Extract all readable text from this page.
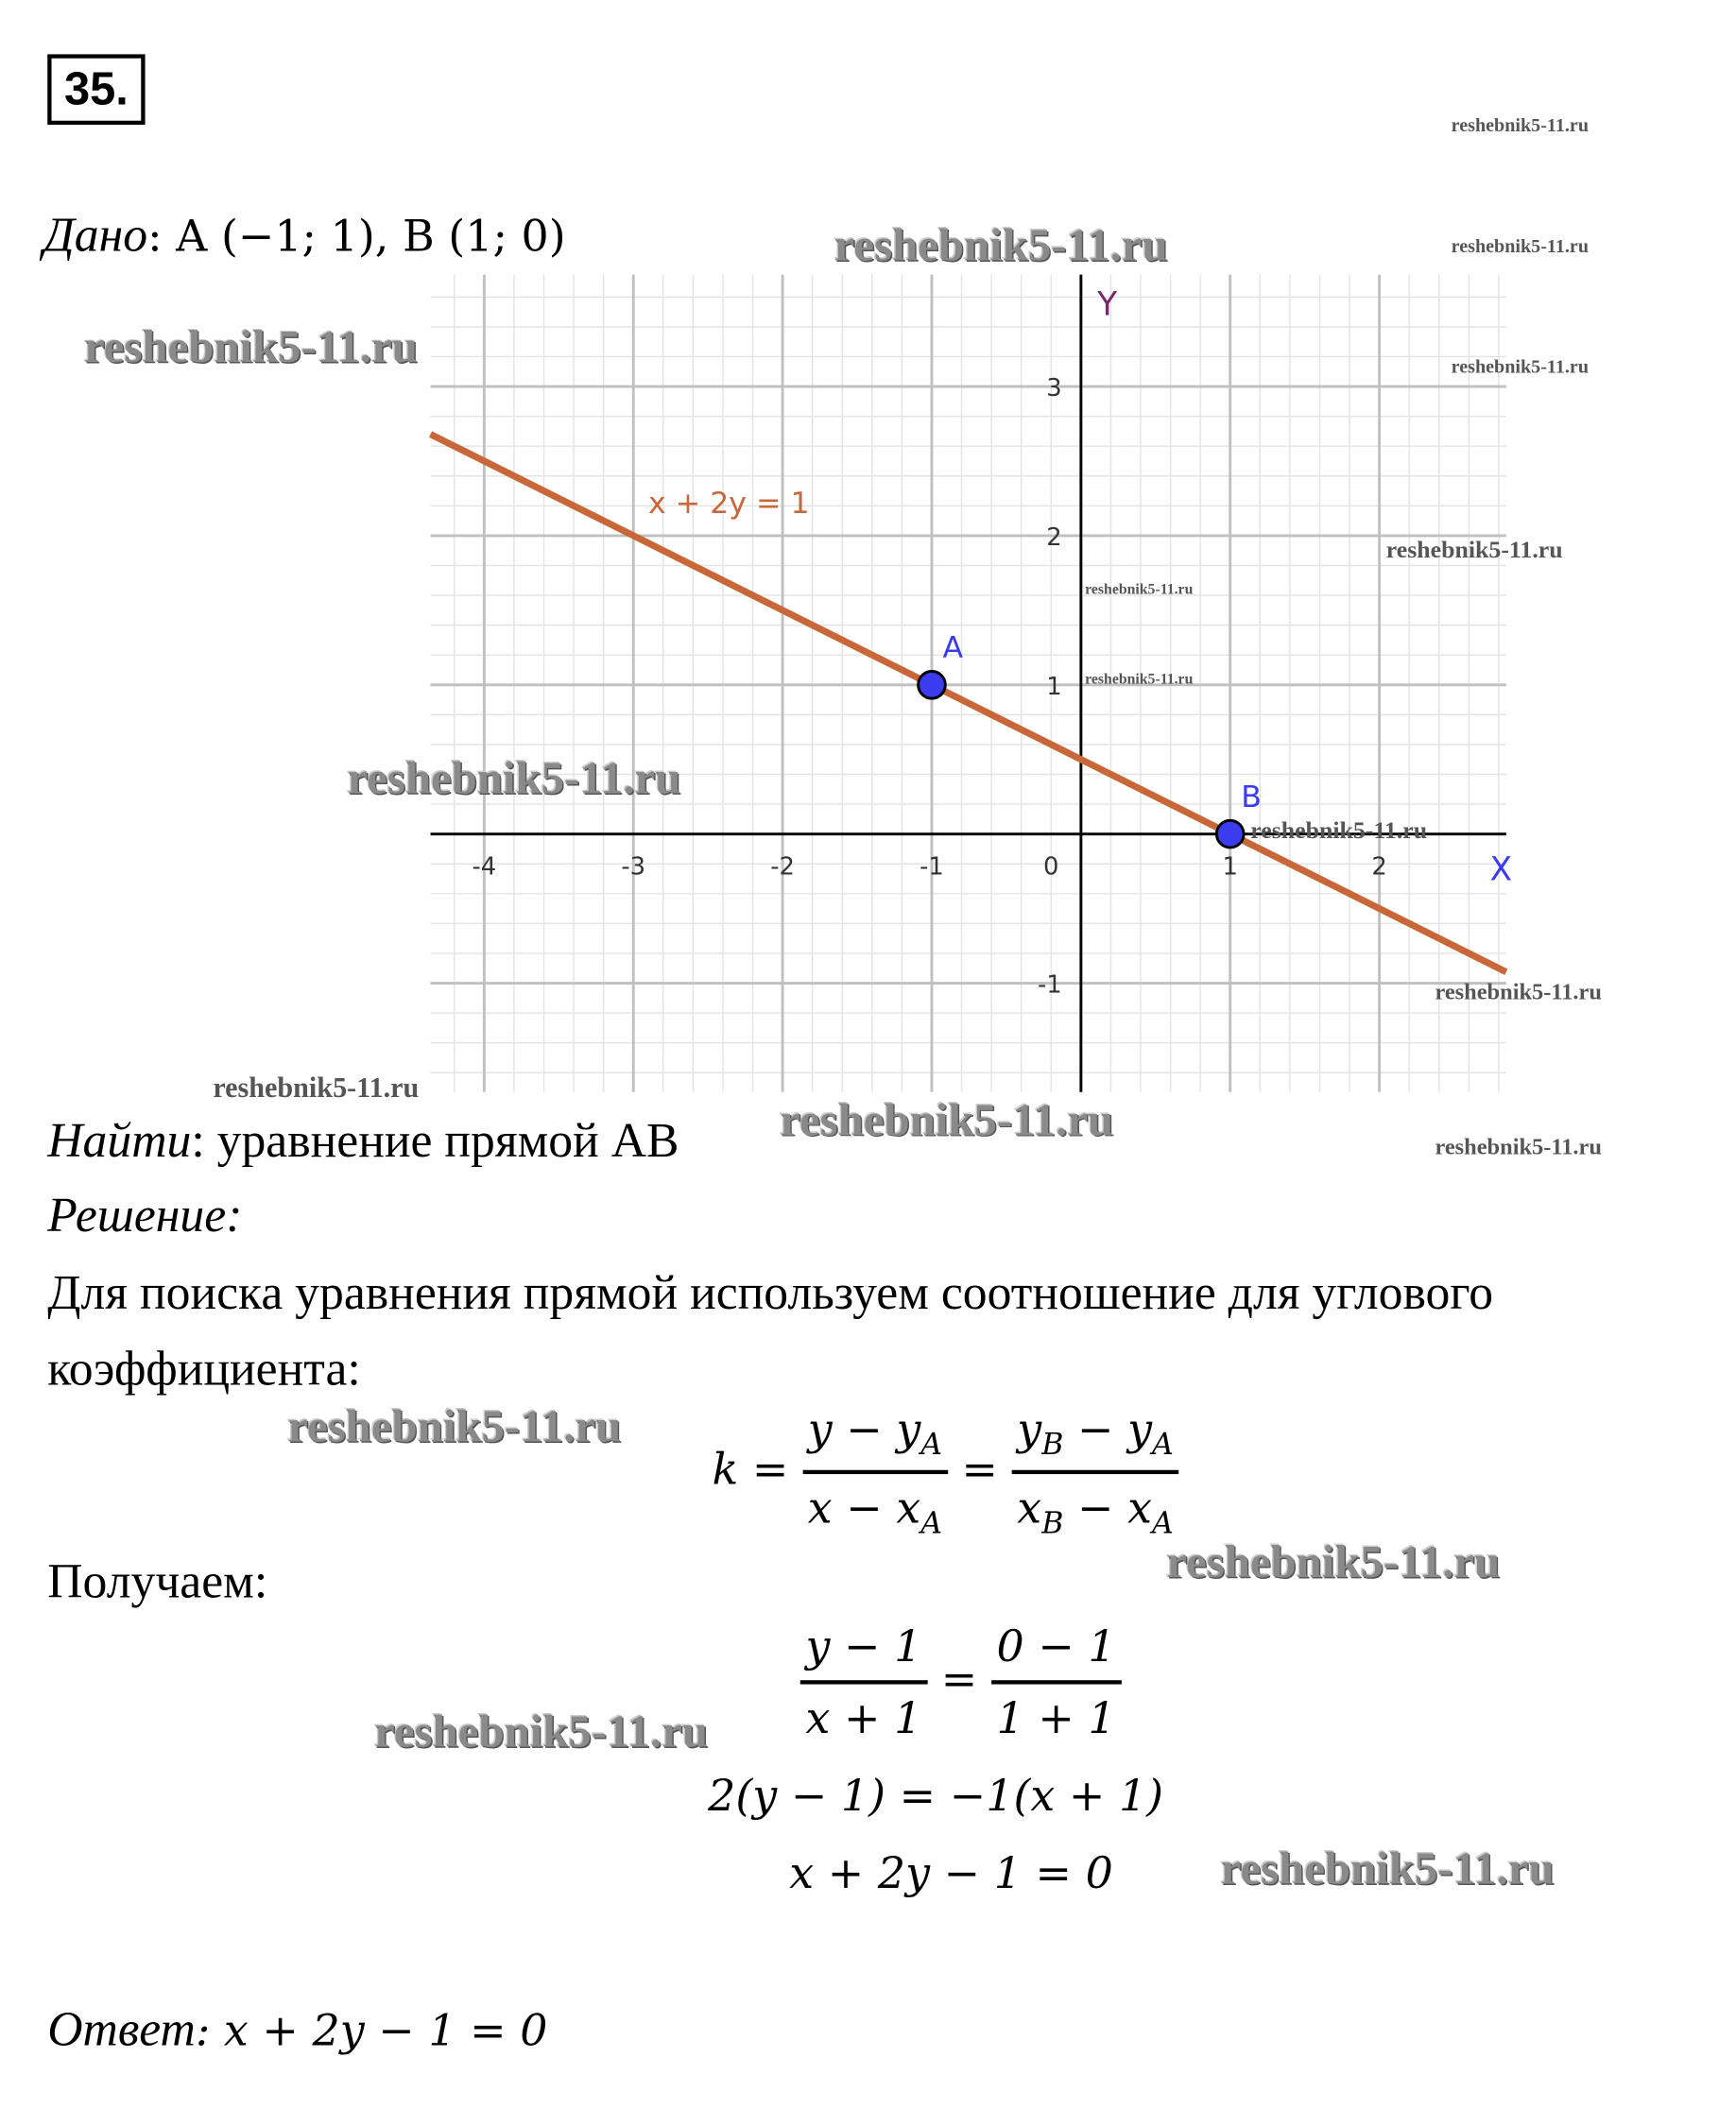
35.
Дано: A (−1; 1), B (1; 0)
-4	-3	-2	-1	0	1	2
3
2
1
-1
X
Y
x + 2y = 1
A
B
Найти: уравнение прямой AB
Решение:
Для поиска уравнения прямой используем соотношение для углового
коэффициента:
$k = \frac{y - y_A}{x - x_A} = \frac{y_B - y_A}{x_B - x_A}$
Получаем:
$\frac{y - 1}{x + 1} = \frac{0 - 1}{1 + 1}$
2(y − 1) = −1(x + 1)
x + 2y − 1 = 0
Ответ: x + 2y − 1 = 0
reshebnik5-11.ru
reshebnik5-11.ru	reshebnik5-11.ru
reshebnik5-11.ru	reshebnik5-11.ru
reshebnik5-11.ru
reshebnik5-11.ru
reshebnik5-11.ru
reshebnik5-11.ru
reshebnik5-11.ru
reshebnik5-11.ru
reshebnik5-11.ru
reshebnik5-11.ru
reshebnik5-11.ru
reshebnik5-11.ru
reshebnik5-11.ru
reshebnik5-11.ru
reshebnik5-11.ru
